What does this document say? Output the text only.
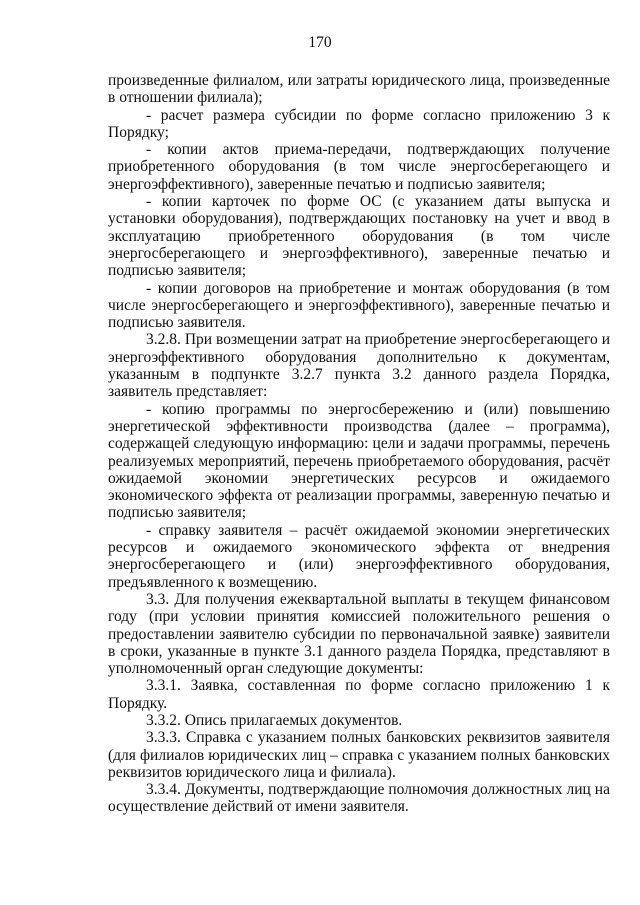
170

произведенные филиалом, или затраты юридического лица, произведенные в отношении филиала);

- расчет размера субсидии по форме согласно приложению 3 к Порядку;

- копии актов приема-передачи, подтверждающих получение приобретенного оборудования (в том числе энергосберегающего и энергоэффективного), заверенные печатью и подписью заявителя;

- копии карточек по форме ОС (с указанием даты выпуска и установки оборудования), подтверждающих постановку на учет и ввод в эксплуатацию приобретенного оборудования (в том числе энергосберегающего и энергоэффективного), заверенные печатью и подписью заявителя;

- копии договоров на приобретение и монтаж оборудования (в том числе энергосберегающего и энергоэффективного), заверенные печатью и подписью заявителя.

3.2.8. При возмещении затрат на приобретение энергосберегающего и энергоэффективного оборудования дополнительно к документам, указанным в подпункте 3.2.7 пункта 3.2 данного раздела Порядка, заявитель представляет:

- копию программы по энергосбережению и (или) повышению энергетической эффективности производства (далее – программа), содержащей следующую информацию: цели и задачи программы, перечень реализуемых мероприятий, перечень приобретаемого оборудования, расчёт ожидаемой экономии энергетических ресурсов и ожидаемого экономического эффекта от реализации программы, заверенную печатью и подписью заявителя;

- справку заявителя – расчёт ожидаемой экономии энергетических ресурсов и ожидаемого экономического эффекта от внедрения энергосберегающего и (или) энергоэффективного оборудования, предъявленного к возмещению.

3.3. Для получения ежеквартальной выплаты в текущем финансовом году (при условии принятия комиссией положительного решения о предоставлении заявителю субсидии по первоначальной заявке) заявители в сроки, указанные в пункте 3.1 данного раздела Порядка, представляют в уполномоченный орган следующие документы:

3.3.1. Заявка, составленная по форме согласно приложению 1 к Порядку.

3.3.2. Опись прилагаемых документов.

3.3.3. Справка с указанием полных банковских реквизитов заявителя (для филиалов юридических лиц – справка с указанием полных банковских реквизитов юридического лица и филиала).

3.3.4. Документы, подтверждающие полномочия должностных лиц на осуществление действий от имени заявителя.
